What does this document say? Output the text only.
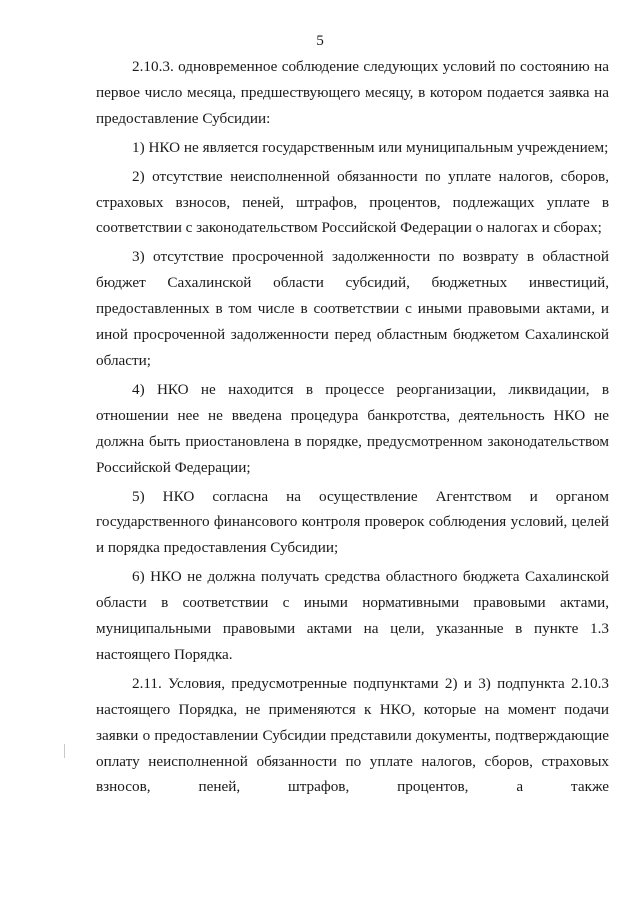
5

2.10.3. одновременное соблюдение следующих условий по состоянию на первое число месяца, предшествующего месяцу, в котором подается заявка на предоставление Субсидии:

1) НКО не является государственным или муниципальным учреждением;

2) отсутствие неисполненной обязанности по уплате налогов, сборов, страховых взносов, пеней, штрафов, процентов, подлежащих уплате в соответствии с законодательством Российской Федерации о налогах и сборах;

3) отсутствие просроченной задолженности по возврату в областной бюджет Сахалинской области субсидий, бюджетных инвестиций, предоставленных в том числе в соответствии с иными правовыми актами, и иной просроченной задолженности перед областным бюджетом Сахалинской области;

4) НКО не находится в процессе реорганизации, ликвидации, в отношении нее не введена процедура банкротства, деятельность НКО не должна быть приостановлена в порядке, предусмотренном законодательством Российской Федерации;

5) НКО согласна на осуществление Агентством и органом государственного финансового контроля проверок соблюдения условий, целей и порядка предоставления Субсидии;

6) НКО не должна получать средства областного бюджета Сахалинской области в соответствии с иными нормативными правовыми актами, муниципальными правовыми актами на цели, указанные в пункте 1.3 настоящего Порядка.

2.11. Условия, предусмотренные подпунктами 2) и 3) подпункта 2.10.3 настоящего Порядка, не применяются к НКО, которые на момент подачи заявки о предоставлении Субсидии представили документы, подтверждающие оплату неисполненной обязанности по уплате налогов, сборов, страховых взносов, пеней, штрафов, процентов, а также
